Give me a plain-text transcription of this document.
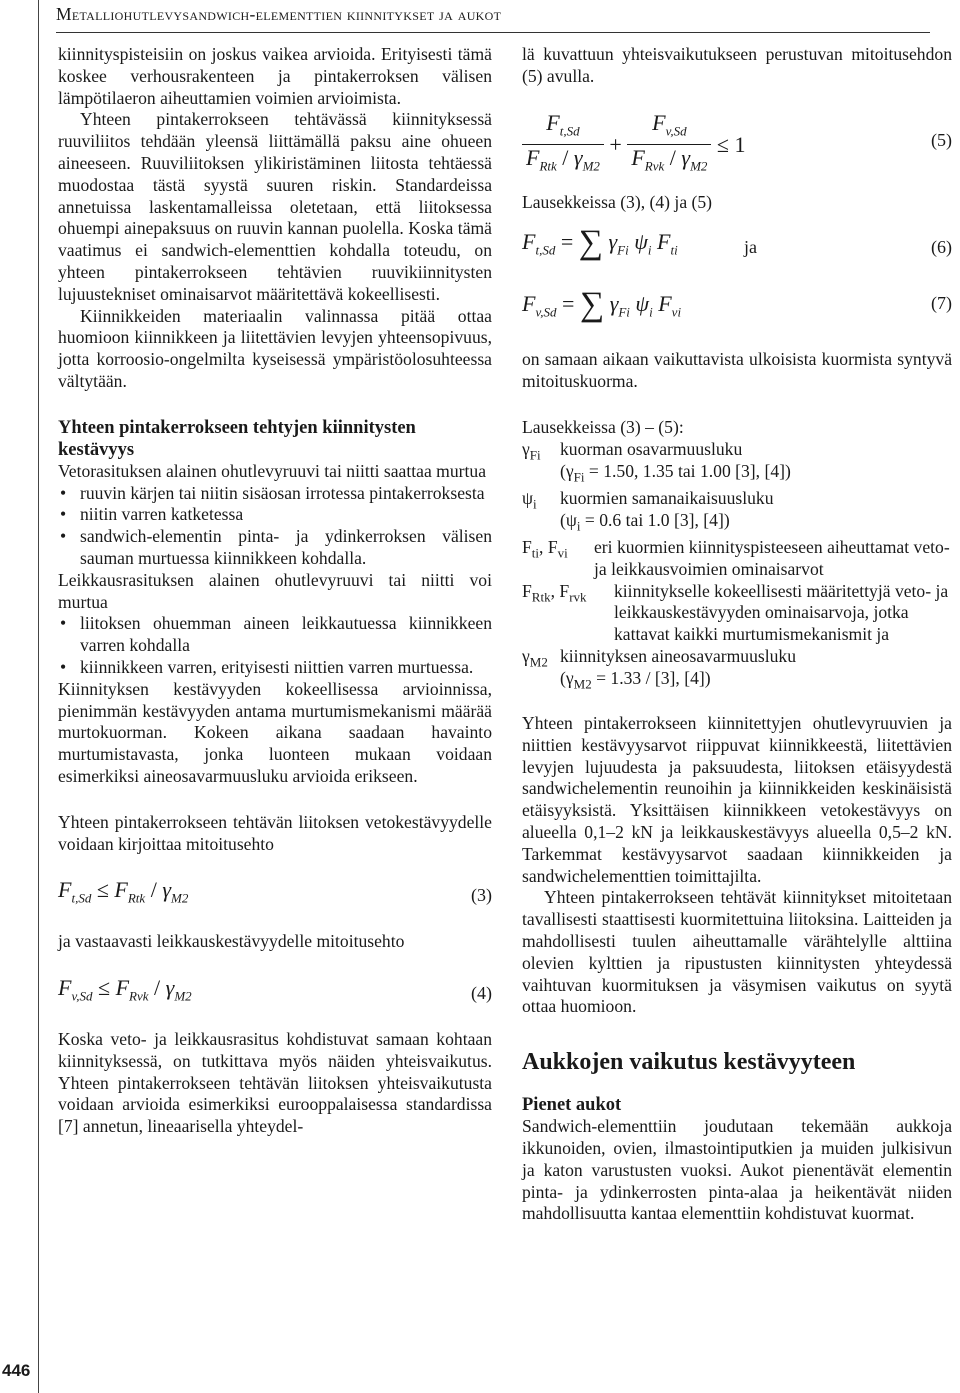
Metalliohutlevysandwich-elementtien kiinnitykset ja aukot
446

kiinnityspisteisiin on joskus vaikea arvioida. Erityisesti tämä koskee verhousrakenteen ja pintakerroksen välisen lämpötilaeron aiheuttamien voimien arvioimista.

Yhteen pintakerrokseen tehtävässä kiinnityksessä ruuviliitos tehdään yleensä liittämällä paksu aine ohueen aineeseen. Ruuviliitoksen ylikiristäminen liitosta tehtäessä muodostaa tästä syystä suuren riskin. Standardeissa annetuissa laskentamalleissa oletetaan, että liitoksessa ohuempi ainepaksuus on ruuvin kannan puolella. Koska tämä vaatimus ei sandwich-elementtien kohdalla toteudu, on yhteen pintakerrokseen tehtävien ruuvikiinnitysten lujuustekniset ominaisarvot määritettävä kokeellisesti.

Kiinnikkeiden materiaalin valinnassa pitää ottaa huomioon kiinnikkeen ja liitettävien levyjen yhteensopivuus, jotta korroosio-ongelmilta kyseisessä ympäristöolosuhteessa vältytään.

Yhteen pintakerrokseen tehtyjen kiinnitysten kestävyys

Vetorasituksen alainen ohutlevyruuvi tai niitti saattaa murtua

• ruuvin kärjen tai niitin sisäosan irrotessa pintakerroksesta
• niitin varren katketessa
• sandwich-elementin pinta- ja ydinkerroksen välisen sauman murtuessa kiinnikkeen kohdalla.

Leikkausrasituksen alainen ohutlevyruuvi tai niitti voi murtua

• liitoksen ohuemman aineen leikkautuessa kiinnikkeen varren kohdalla
• kiinnikkeen varren, erityisesti niittien varren murtuessa.

Kiinnityksen kestävyyden kokeellisessa arvioinnissa, pienimmän kestävyyden antama murtumismekanismi määrää murtokuorman. Kokeen aikana saadaan havainto murtumistavasta, jonka luonteen mukaan voidaan esimerkiksi aineosavarmuusluku arvioida erikseen.

Yhteen pintakerrokseen tehtävän liitoksen vetokestävyydelle voidaan kirjoittaa mitoitusehto

$F_{t,Sd} \le F_{Rtk} / \gamma_{M2}$	(3)

ja vastaavasti leikkauskestävyydelle mitoitusehto

$F_{v,Sd} \le F_{Rvk} / \gamma_{M2}$	(4)

Koska veto- ja leikkausrasitus kohdistuvat samaan kohtaan kiinnityksessä, on tutkittava myös näiden yhteisvaikutus. Yhteen pintakerrokseen tehtävän liitoksen yhteisvaikutusta voidaan arvioida esimerkiksi eurooppalaisessa standardissa [7] annetun, lineaarisella yhteydel-

lä kuvattuun yhteisvaikutukseen perustuvan mitoitusehdon (5) avulla.

$\frac{F_{t,Sd}}{F_{Rtk} / \gamma_{M2}} + \frac{F_{v,Sd}}{F_{Rvk} / \gamma_{M2}} \le 1$	(5)

Lausekkeissa (3), (4) ja (5)

$F_{t,Sd}$ = ∑ $\gamma_{Fi}$ $\psi_i$ $F_{ti}$	ja	(6)
$F_{v,Sd}$ = ∑ $\gamma_{Fi}$ $\psi_i$ $F_{vi}$	(7)

on samaan aikaan vaikuttavista ulkoisista kuormista syntyvä mitoituskuorma.

Lausekkeissa (3) – (5):

$\gamma_{Fi}$ kuorman osavarmuusluku
($\gamma_{Fi} = 1.50$, 1.35 tai 1.00 [3], [4])
$\psi_i$ kuormien samanaikaisuusluku
($\psi_i = 0.6$ tai 1.0 [3], [4])
$F_{ti}$, $F_{vi}$ eri kuormien kiinnityspisteeseen aiheuttamat veto- ja leikkausvoimien ominaisarvot
$F_{Rtk}$, $F_{rvk}$ kiinnitykselle kokeellisesti määritettyjä veto- ja leikkauskestävyyden ominaisarvoja, jotka kattavat kaikki murtumismekanismit ja
$\gamma_{M2}$ kiinnityksen aineosavarmuusluku
($\gamma_{M2} = 1.33 / [3]$, [4])

Yhteen pintakerrokseen kiinnitettyjen ohutlevyruuvien ja niittien kestävyysarvot riippuvat kiinnikkeestä, liitettävien levyjen lujuudesta ja paksuudesta, liitoksen etäisyydestä sandwichelementin reunoihin ja kiinnikkeiden keskinäisistä etäisyyksistä. Yksittäisen kiinnikkeen vetokestävyys on alueella 0,1–2 kN ja leikkauskestävyys alueella 0,5–2 kN. Tarkemmat kestävyysarvot saadaan kiinnikkeiden ja sandwichelementtien toimittajilta.

Yhteen pintakerrokseen tehtävät kiinnitykset mitoitetaan tavallisesti staattisesti kuormitettuina liitoksina. Laitteiden ja mahdollisesti tuulen aiheuttamalle värähtelylle alttiina olevien kylttien ja ripustusten kiinnitysten yhteydessä vaihtuvan kuormituksen ja väsymisen vaikutus on syytä ottaa huomioon.

Aukkojen vaikutus kestävyyteen
Pienet aukot

Sandwich-elementtiin joudutaan tekemään aukkoja ikkunoiden, ovien, ilmastointiputkien ja muiden julkisivun ja katon varustusten vuoksi. Aukot pienentävät elementin pinta- ja ydinkerrosten pinta-alaa ja heikentävät niiden mahdollisuutta kantaa elementtiin kohdistuvat kuormat.
